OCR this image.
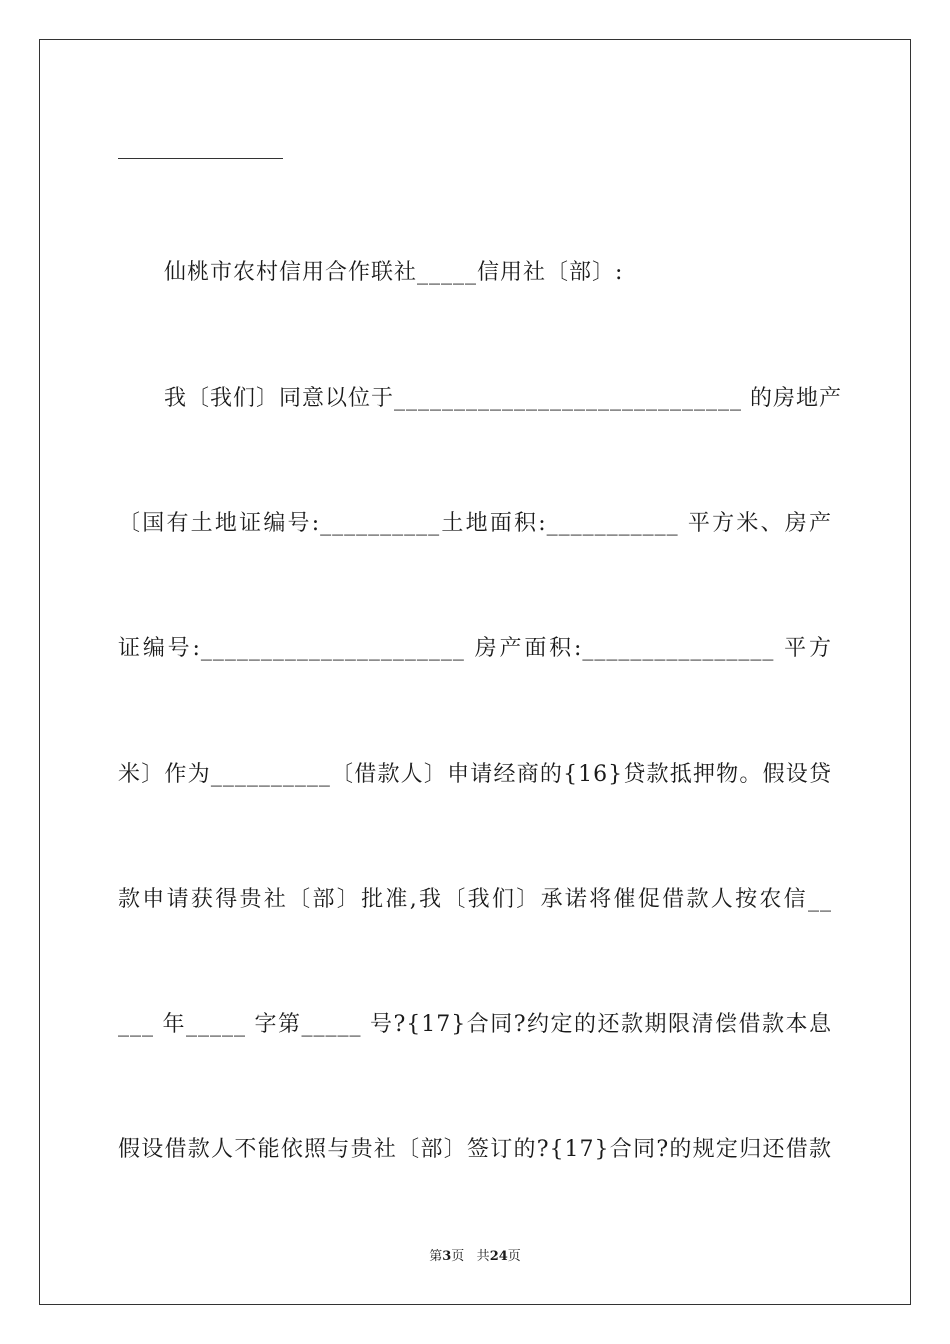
仙桃市农村信用合作联社_____信用社〔部〕:
我〔我们〕同意以位于_____________________________ 的房地产
〔国有土地证编号:__________土地面积:___________ 平方米、房产
证编号:______________________ 房产面积:________________ 平方
米〕作为__________〔借款人〕申请经商的{16}贷款抵押物。假设贷
款申请获得贵社〔部〕批准,我〔我们〕承诺将催促借款人按农信__
___ 年_____ 字第_____ 号?{17}合同?约定的还款期限清偿借款本息
假设借款人不能依照与贵社〔部〕签订的?{17}合同?的规定归还借款
第3页 共24页
